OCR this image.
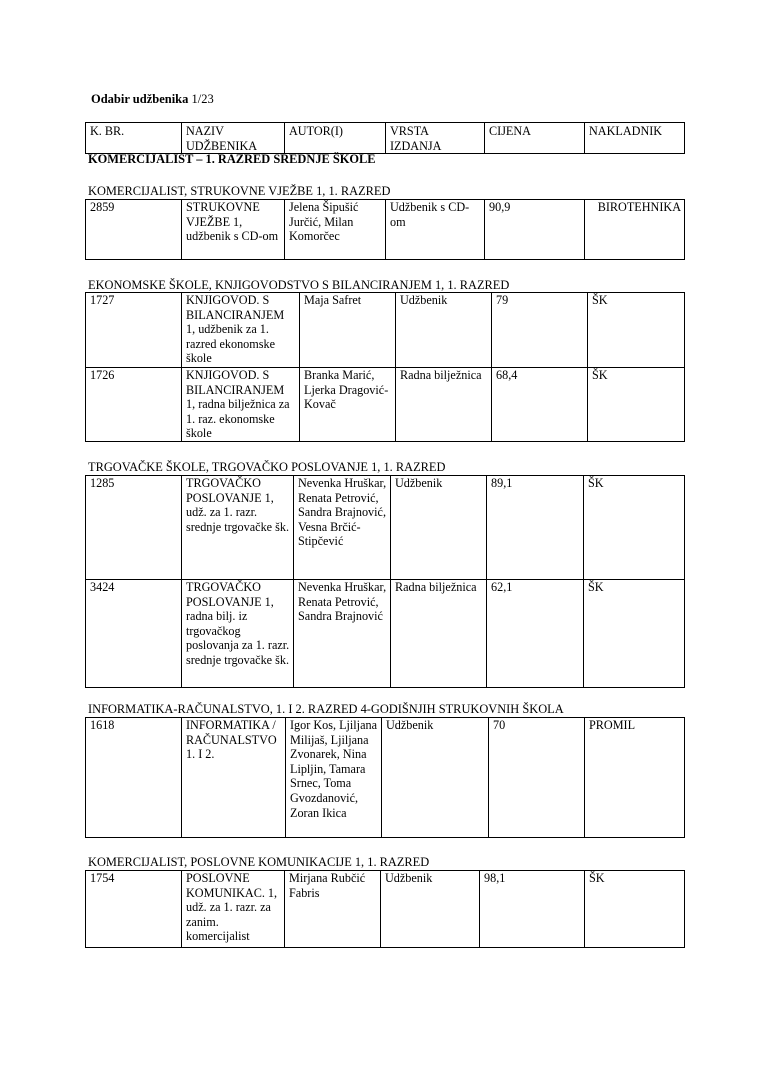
Odabir udžbenika 1/23
K. BR.	NAZIV UDŽBENIKA	AUTOR(I)	VRSTA IZDANJA	CIJENA	NAKLADNIK
KOMERCIJALIST – 1. RAZRED SREDNJE ŠKOLE
KOMERCIJALIST, STRUKOVNE VJEŽBE 1, 1. RAZRED
2859	STRUKOVNE VJEŽBE 1, udžbenik s CD-om	Jelena Šipušić Jurčić, Milan Komorčec	Udžbenik s CD-om	90,9	BIROTEHNIKA
EKONOMSKE ŠKOLE, KNJIGOVODSTVO S BILANCIRANJEM 1, 1. RAZRED
1727	KNJIGOVOD. S BILANCIRANJEM 1, udžbenik za 1. razred ekonomske škole	Maja Safret	Udžbenik	79	ŠK
1726	KNJIGOVOD. S BILANCIRANJEM 1, radna bilježnica za 1. raz. ekonomske škole	Branka Marić, Ljerka Dragović-Kovač	Radna bilježnica	68,4	ŠK
TRGOVAČKE ŠKOLE, TRGOVAČKO POSLOVANJE 1, 1. RAZRED
1285	TRGOVAČKO POSLOVANJE 1, udž. za 1. razr. srednje trgovačke šk.	Nevenka Hruškar, Renata Petrović, Sandra Brajnović, Vesna Brčić-Stipčević	Udžbenik	89,1	ŠK
3424	TRGOVAČKO POSLOVANJE 1, radna bilj. iz trgovačkog poslovanja za 1. razr. srednje trgovačke šk.	Nevenka Hruškar, Renata Petrović, Sandra Brajnović	Radna bilježnica	62,1	ŠK
INFORMATIKA-RAČUNALSTVO, 1. I 2. RAZRED 4-GODIŠNJIH STRUKOVNIH ŠKOLA
1618	INFORMATIKA / RAČUNALSTVO 1. I 2.	Igor Kos, Ljiljana Milijaš, Ljiljana Zvonarek, Nina Lipljin, Tamara Srnec, Toma Gvozdanović, Zoran Ikica	Udžbenik	70	PROMIL
KOMERCIJALIST, POSLOVNE KOMUNIKACIJE 1, 1. RAZRED
1754	POSLOVNE KOMUNIKAC. 1, udž. za 1. razr. za zanim. komercijalist	Mirjana Rubčić Fabris	Udžbenik	98,1	ŠK
